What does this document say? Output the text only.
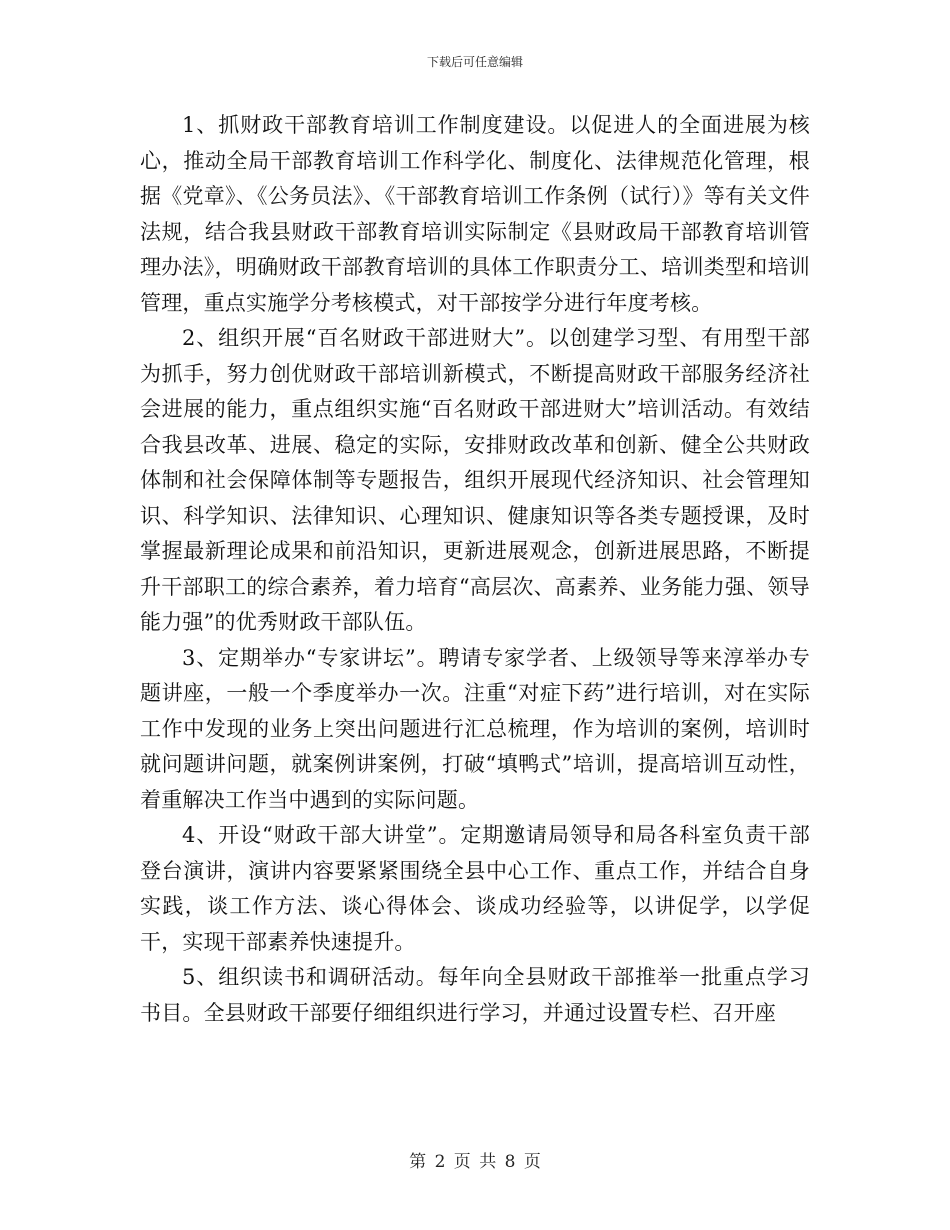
下载后可任意编辑

1、抓财政干部教育培训工作制度建设。以促进人的全面进展为核心，推动全局干部教育培训工作科学化、制度化、法律规范化管理，根据《党章》、《公务员法》、《干部教育培训工作条例（试行）》等有关文件法规，结合我县财政干部教育培训实际制定《县财政局干部教育培训管理办法》，明确财政干部教育培训的具体工作职责分工、培训类型和培训管理，重点实施学分考核模式，对干部按学分进行年度考核。

2、组织开展“百名财政干部进财大”。以创建学习型、有用型干部为抓手，努力创优财政干部培训新模式，不断提高财政干部服务经济社会进展的能力，重点组织实施“百名财政干部进财大”培训活动。有效结合我县改革、进展、稳定的实际，安排财政改革和创新、健全公共财政体制和社会保障体制等专题报告，组织开展现代经济知识、社会管理知识、科学知识、法律知识、心理知识、健康知识等各类专题授课，及时掌握最新理论成果和前沿知识，更新进展观念，创新进展思路，不断提升干部职工的综合素养，着力培育“高层次、高素养、业务能力强、领导能力强”的优秀财政干部队伍。

3、定期举办“专家讲坛”。聘请专家学者、上级领导等来淳举办专题讲座，一般一个季度举办一次。注重“对症下药”进行培训，对在实际工作中发现的业务上突出问题进行汇总梳理，作为培训的案例，培训时就问题讲问题，就案例讲案例，打破“填鸭式”培训，提高培训互动性，着重解决工作当中遇到的实际问题。

4、开设“财政干部大讲堂”。定期邀请局领导和局各科室负责干部登台演讲，演讲内容要紧紧围绕全县中心工作、重点工作，并结合自身实践，谈工作方法、谈心得体会、谈成功经验等，以讲促学，以学促干，实现干部素养快速提升。

5、组织读书和调研活动。每年向全县财政干部推举一批重点学习书目。全县财政干部要仔细组织进行学习，并通过设置专栏、召开座

第 2 页 共 8 页
